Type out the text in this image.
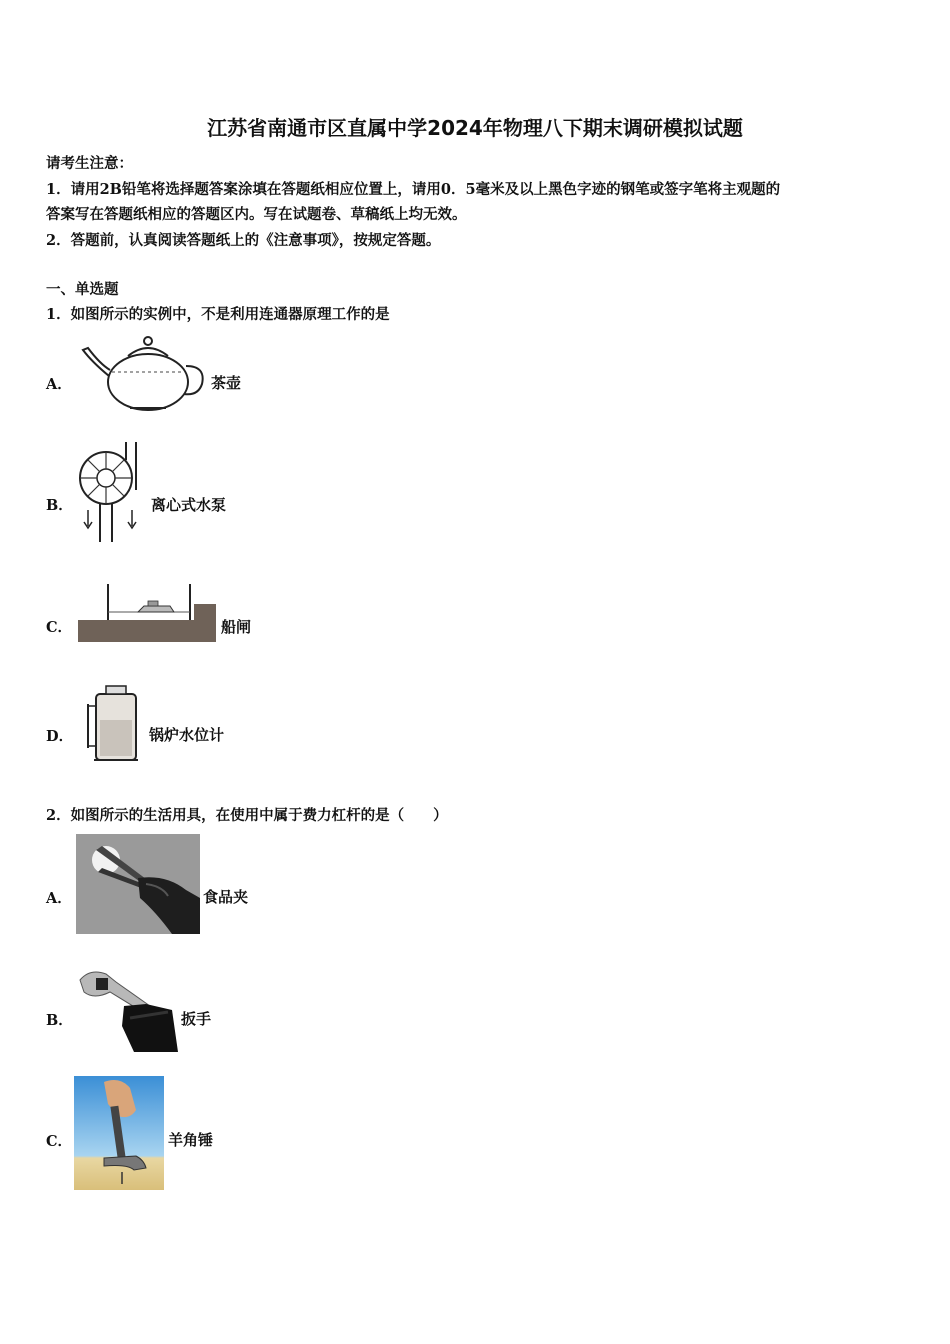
江苏省南通市区直属中学2024年物理八下期末调研模拟试题
请考生注意：
1．请用2B铅笔将选择题答案涂填在答题纸相应位置上，请用0．5毫米及以上黑色字迹的钢笔或签字笔将主观题的
答案写在答题纸相应的答题区内。写在试题卷、草稿纸上均无效。
2．答题前，认真阅读答题纸上的《注意事项》，按规定答题。
一、单选题
1．如图所示的实例中，不是利用连通器原理工作的是
A．	茶壶
B．	离心式水泵
C．	船闸
D．	锅炉水位计
2．如图所示的生活用具，在使用中属于费力杠杆的是（　　）
A．	食品夹
B．	扳手
C．	羊角锤
